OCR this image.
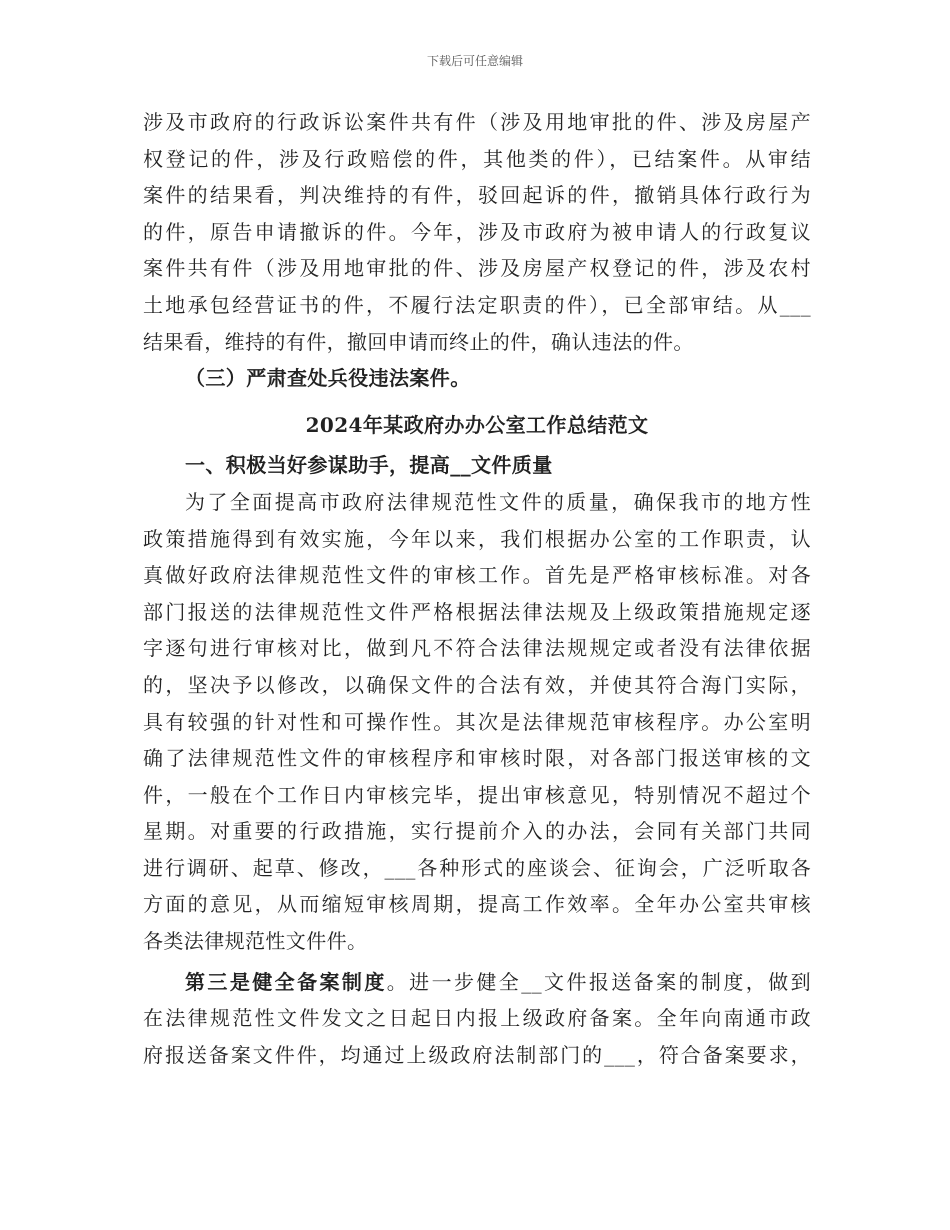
下载后可任意编辑
涉及市政府的行政诉讼案件共有件（涉及用地审批的件、涉及房屋产
权登记的件，涉及行政赔偿的件，其他类的件），已结案件。从审结
案件的结果看，判决维持的有件，驳回起诉的件，撤销具体行政行为
的件，原告申请撤诉的件。今年，涉及市政府为被申请人的行政复议
案件共有件（涉及用地审批的件、涉及房屋产权登记的件，涉及农村
土地承包经营证书的件，不履行法定职责的件），已全部审结。从___
结果看，维持的有件，撤回申请而终止的件，确认违法的件。
（三）严肃查处兵役违法案件。
2024年某政府办办公室工作总结范文
一、积极当好参谋助手，提高__文件质量
为了全面提高市政府法律规范性文件的质量，确保我市的地方性
政策措施得到有效实施，今年以来，我们根据办公室的工作职责，认
真做好政府法律规范性文件的审核工作。首先是严格审核标准。对各
部门报送的法律规范性文件严格根据法律法规及上级政策措施规定逐
字逐句进行审核对比，做到凡不符合法律法规规定或者没有法律依据
的，坚决予以修改，以确保文件的合法有效，并使其符合海门实际，
具有较强的针对性和可操作性。其次是法律规范审核程序。办公室明
确了法律规范性文件的审核程序和审核时限，对各部门报送审核的文
件，一般在个工作日内审核完毕，提出审核意见，特别情况不超过个
星期。对重要的行政措施，实行提前介入的办法，会同有关部门共同
进行调研、起草、修改，___各种形式的座谈会、征询会，广泛听取各
方面的意见，从而缩短审核周期，提高工作效率。全年办公室共审核
各类法律规范性文件件。
第三是健全备案制度。进一步健全__文件报送备案的制度，做到
在法律规范性文件发文之日起日内报上级政府备案。全年向南通市政
府报送备案文件件，均通过上级政府法制部门的___，符合备案要求，
